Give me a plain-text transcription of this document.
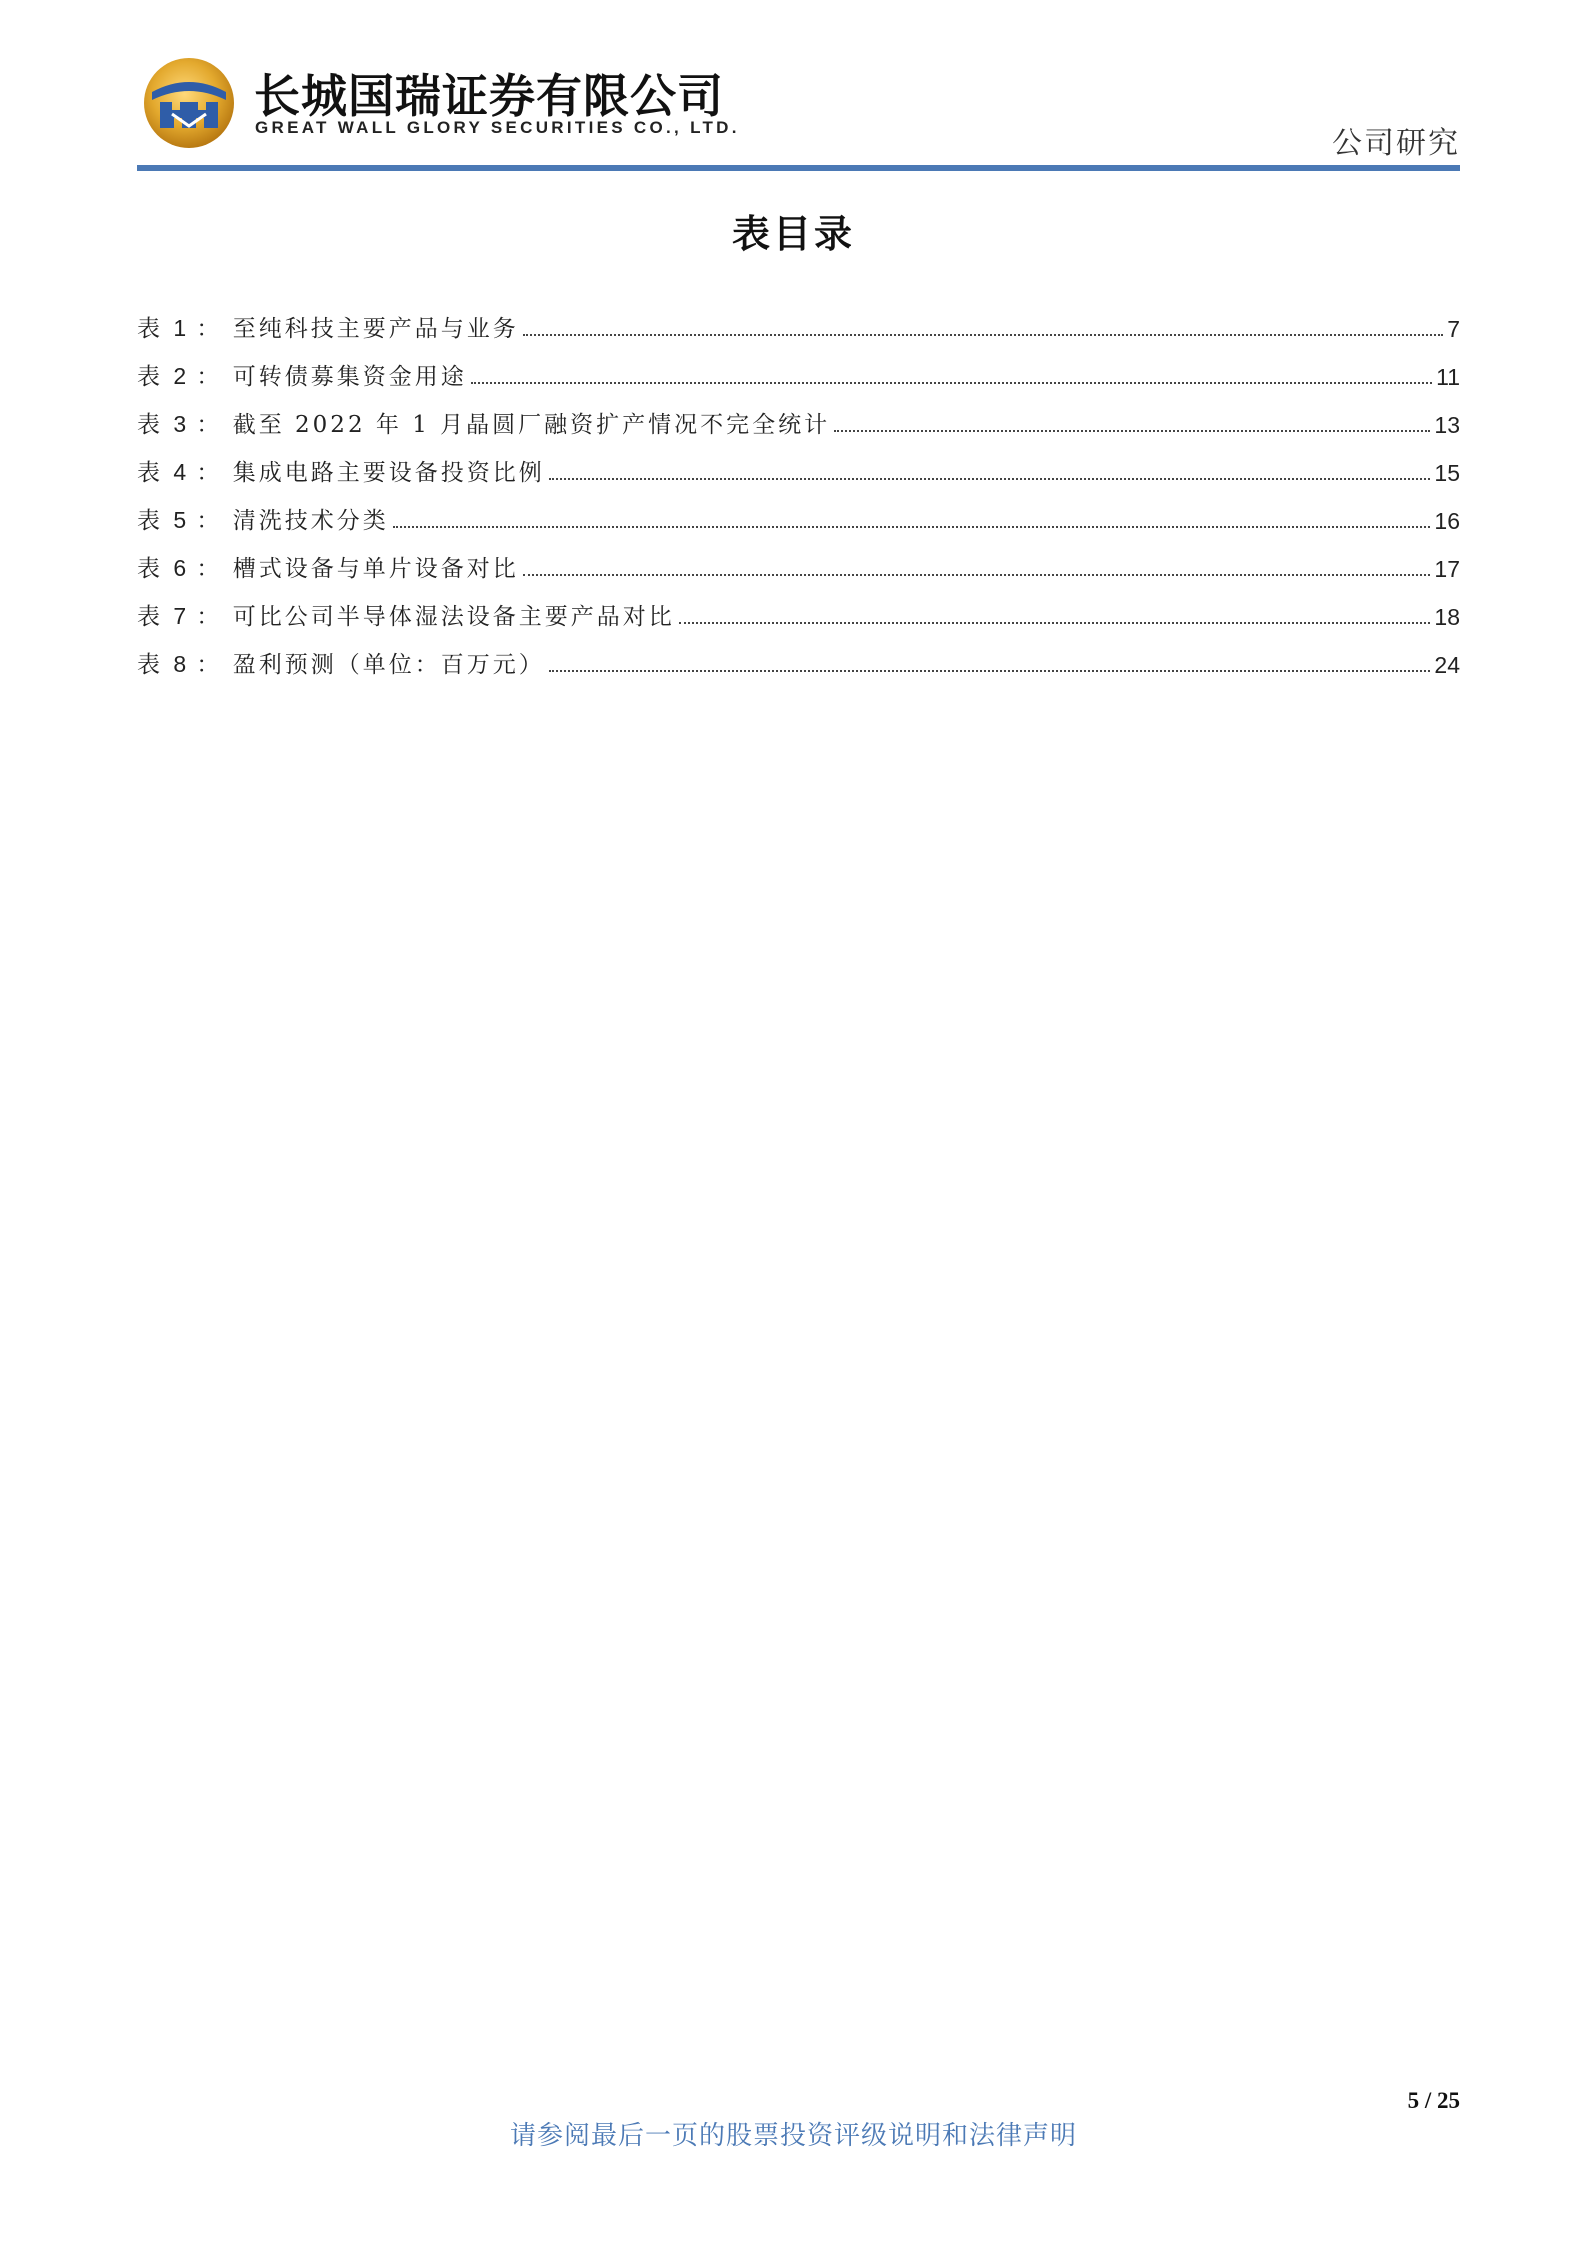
长城国瑞证券有限公司
GREAT WALL GLORY SECURITIES CO., LTD.	公司研究
表目录
表 1 ： 至纯科技主要产品与业务	7
表 2 ： 可转债募集资金用途	11
表 3 ： 截至 2022 年 1 月晶圆厂融资扩产情况不完全统计	13
表 4 ： 集成电路主要设备投资比例	15
表 5 ： 清洗技术分类	16
表 6 ： 槽式设备与单片设备对比	17
表 7 ： 可比公司半导体湿法设备主要产品对比	18
表 8 ： 盈利预测（单位：百万元）	24
5 / 25
请参阅最后一页的股票投资评级说明和法律声明
